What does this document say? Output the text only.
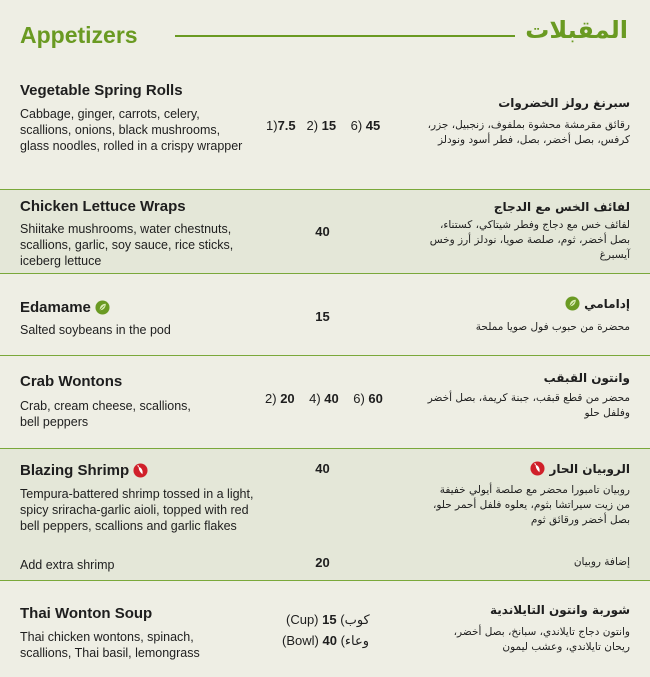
Appetizers	المقبلات
Vegetable Spring Rolls
Cabbage, ginger, carrots, celery, scallions, onions, black mushrooms, glass noodles, rolled in a crispy wrapper
1)7.5 2) 15 6) 45
سبرنغ رولز الخضروات
رقائق مقرمشة محشوة بملفوف، زنجبيل، جزر، كرفس، بصل أخضر، بصل، فطر أسود ونودلز
Chicken Lettuce Wraps
Shiitake mushrooms, water chestnuts, scallions, garlic, soy sauce, rice sticks, iceberg lettuce
40
لفائف الخس مع الدجاج
لفائف خس مع دجاج وفطر شيتاكي، كستناء، بصل أخضر، ثوم، صلصة صويا، نودلز أرز وخس آيسبرغ
Edamame
Salted soybeans in the pod
15
إدامامي
محضرة من حبوب فول صويا مملحة
Crab Wontons
Crab, cream cheese, scallions, bell peppers
2) 20 4) 40 6) 60
وانتون القبقب
محضر من قطع قبقب، جبنة كريمة، بصل أخضر وفلفل حلو
Blazing Shrimp
Tempura-battered shrimp tossed in a light, spicy sriracha-garlic aioli, topped with red bell peppers, scallions and garlic flakes
40	الروبيان الحار
روبيان تامبورا محضر مع صلصة أيولي خفيفة من زيت سيراتشا بثوم، يعلوه فلفل أحمر حلو، بصل أخضر ورقائق ثوم
Add extra shrimp	20	إضافة روبيان
Thai Wonton Soup
Thai chicken wontons, spinach, scallions, Thai basil, lemongrass
(Cup) 15 (كوب
(Bowl) 40 (وعاء
شوربة وانتون التايلاندية
وانتون دجاج تايلاندي، سبانخ، بصل أخضر، ريحان تايلاندي، وعشب ليمون
